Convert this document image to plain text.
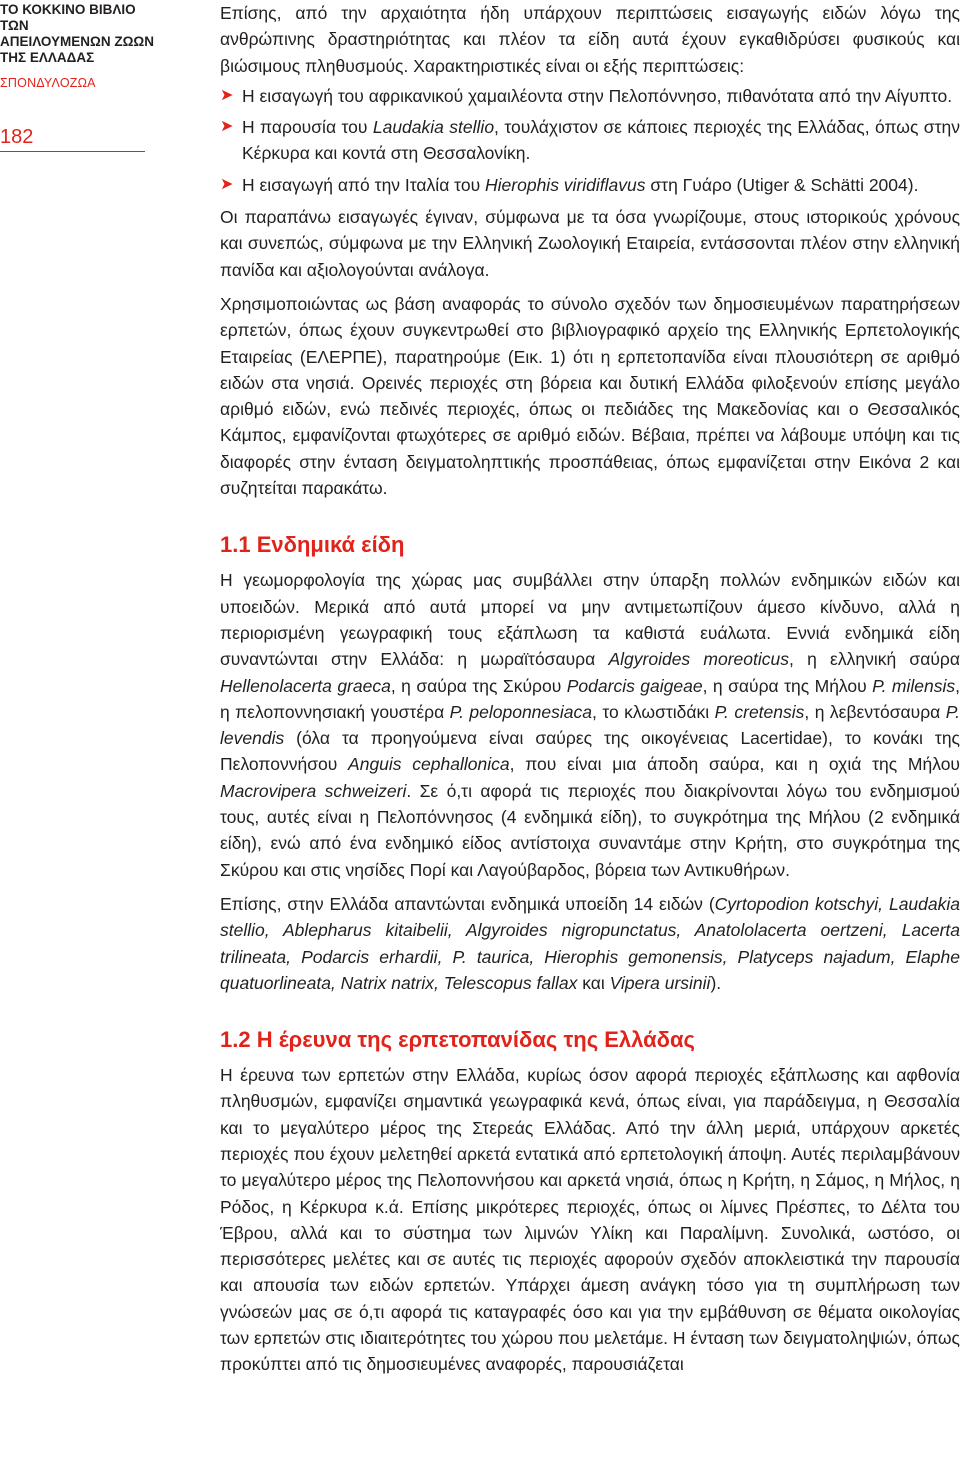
ΤΟ ΚΟΚΚΙΝΟ ΒΙΒΛΙΟ ΤΩΝ
ΑΠΕΙΛΟΥΜΕΝΩΝ ΖΩΩΝ
ΤΗΣ ΕΛΛΑΔΑΣ
ΣΠΟΝΔΥΛΟΖΩΑ
182

Επίσης, από την αρχαιότητα ήδη υπάρχουν περιπτώσεις εισαγωγής ειδών λόγω της ανθρώπινης δραστηριότητας και πλέον τα είδη αυτά έχουν εγκαθιδρύσει φυσικούς και βιώσιμους πληθυσμούς. Χαρακτηριστικές είναι οι εξής περιπτώσεις:

➤ Η εισαγωγή του αφρικανικού χαμαιλέοντα στην Πελοπόννησο, πιθανότατα από την Αίγυπτο.
➤ Η παρουσία του Laudakia stellio, τουλάχιστον σε κάποιες περιοχές της Ελλάδας, όπως στην Κέρκυρα και κοντά στη Θεσσαλονίκη.
➤ Η εισαγωγή από την Ιταλία του Hierophis viridiflavus στη Γυάρο (Utiger & Schätti 2004).

Οι παραπάνω εισαγωγές έγιναν, σύμφωνα με τα όσα γνωρίζουμε, στους ιστορικούς χρόνους και συνεπώς, σύμφωνα με την Ελληνική Ζωολογική Εταιρεία, εντάσσονται πλέον στην ελληνική πανίδα και αξιολογούνται ανάλογα.

Χρησιμοποιώντας ως βάση αναφοράς το σύνολο σχεδόν των δημοσιευμένων παρατηρήσεων ερπετών, όπως έχουν συγκεντρωθεί στο βιβλιογραφικό αρχείο της Ελληνικής Ερπετολογικής Εταιρείας (ΕΛΕΡΠΕ), παρατηρούμε (Εικ. 1) ότι η ερπετοπανίδα είναι πλουσιότερη σε αριθμό ειδών στα νησιά. Ορεινές περιοχές στη βόρεια και δυτική Ελλάδα φιλοξενούν επίσης μεγάλο αριθμό ειδών, ενώ πεδινές περιοχές, όπως οι πεδιάδες της Μακεδονίας και ο Θεσσαλικός Κάμπος, εμφανίζονται φτωχότερες σε αριθμό ειδών. Βέβαια, πρέπει να λάβουμε υπόψη και τις διαφορές στην ένταση δειγματοληπτικής προσπάθειας, όπως εμφανίζεται στην Εικόνα 2 και συζητείται παρακάτω.

1.1 Ενδημικά είδη

Η γεωμορφολογία της χώρας μας συμβάλλει στην ύπαρξη πολλών ενδημικών ειδών και υποειδών. Μερικά από αυτά μπορεί να μην αντιμετωπίζουν άμεσο κίνδυνο, αλλά η περιορισμένη γεωγραφική τους εξάπλωση τα καθιστά ευάλωτα. Εννιά ενδημικά είδη συναντώνται στην Ελλάδα: η μωραϊτόσαυρα Algyroides moreoticus, η ελληνική σαύρα Hellenolacerta graeca, η σαύρα της Σκύρου Podarcis gaigeae, η σαύρα της Μήλου P. milensis, η πελοποννησιακή γουστέρα P. peloponnesiaca, το κλωστιδάκι P. cretensis, η λεβεντόσαυρα P. levendis (όλα τα προηγούμενα είναι σαύρες της οικογένειας Lacertidae), το κονάκι της Πελοποννήσου Anguis cephallonica, που είναι μια άποδη σαύρα, και η οχιά της Μήλου Macrovipera schweizeri. Σε ό,τι αφορά τις περιοχές που διακρίνονται λόγω του ενδημισμού τους, αυτές είναι η Πελοπόννησος (4 ενδημικά είδη), το συγκρότημα της Μήλου (2 ενδημικά είδη), ενώ από ένα ενδημικό είδος αντίστοιχα συναντάμε στην Κρήτη, στο συγκρότημα της Σκύρου και στις νησίδες Πορί και Λαγούβαρδος, βόρεια των Αντικυθήρων.

Επίσης, στην Ελλάδα απαντώνται ενδημικά υποείδη 14 ειδών (Cyrtopodion kotschyi, Laudakia stellio, Ablepharus kitaibelii, Algyroides nigropunctatus, Anatololacerta oertzeni, Lacerta trilineata, Podarcis erhardii, P. taurica, Hierophis gemonensis, Platyceps najadum, Elaphe quatuorlineata, Natrix natrix, Telescopus fallax και Vipera ursinii).

1.2 Η έρευνα της ερπετοπανίδας της Ελλάδας

Η έρευνα των ερπετών στην Ελλάδα, κυρίως όσον αφορά περιοχές εξάπλωσης και αφθονία πληθυσμών, εμφανίζει σημαντικά γεωγραφικά κενά, όπως είναι, για παράδειγμα, η Θεσσαλία και το μεγαλύτερο μέρος της Στερεάς Ελλάδας. Από την άλλη μεριά, υπάρχουν αρκετές περιοχές που έχουν μελετηθεί αρκετά εντατικά από ερπετολογική άποψη. Αυτές περιλαμβάνουν το μεγαλύτερο μέρος της Πελοποννήσου και αρκετά νησιά, όπως η Κρήτη, η Σάμος, η Μήλος, η Ρόδος, η Κέρκυρα κ.ά. Επίσης μικρότερες περιοχές, όπως οι λίμνες Πρέσπες, το Δέλτα του Έβρου, αλλά και το σύστημα των λιμνών Υλίκη και Παραλίμνη. Συνολικά, ωστόσο, οι περισσότερες μελέτες και σε αυτές τις περιοχές αφορούν σχεδόν αποκλειστικά την παρουσία και απουσία των ειδών ερπετών. Υπάρχει άμεση ανάγκη τόσο για τη συμπλήρωση των γνώσεών μας σε ό,τι αφορά τις καταγραφές όσο και για την εμβάθυνση σε θέματα οικολογίας των ερπετών στις ιδιαιτερότητες του χώρου που μελετάμε. Η ένταση των δειγματοληψιών, όπως προκύπτει από τις δημοσιευμένες αναφορές, παρουσιάζεται
